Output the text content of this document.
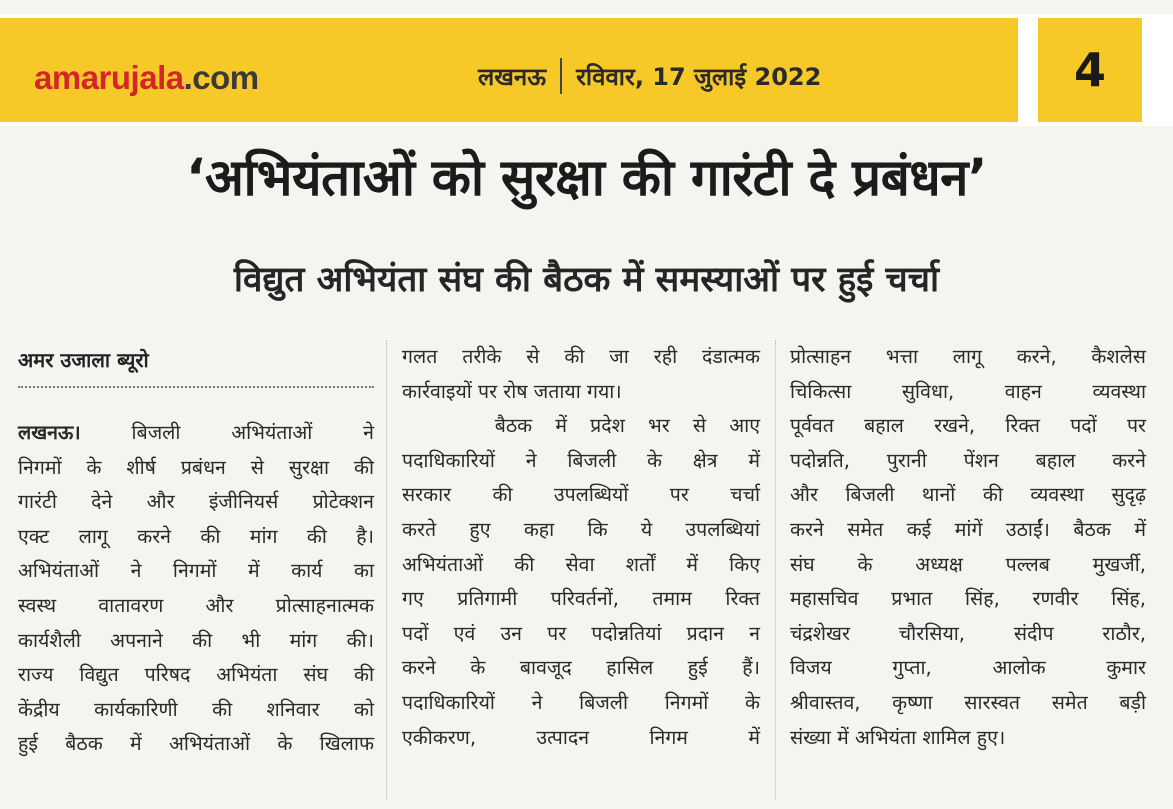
amarujala.com	लखनऊ रविवार, 17 जुलाई 2022	4
‘अभियंताओं को सुरक्षा की गारंटी दे प्रबंधन’
विद्युत अभियंता संघ की बैठक में समस्याओं पर हुई चर्चा
अमर उजाला ब्यूरो
लखनऊ। बिजली अभियंताओं ने
निगमों के शीर्ष प्रबंधन से सुरक्षा की
गारंटी देने और इंजीनियर्स प्रोटेक्शन
एक्ट लागू करने की मांग की है।
अभियंताओं ने निगमों में कार्य का
स्वस्थ वातावरण और प्रोत्साहनात्मक
कार्यशैली अपनाने की भी मांग की।
राज्य विद्युत परिषद अभियंता संघ की
केंद्रीय कार्यकारिणी की शनिवार को
हुई बैठक में अभियंताओं के खिलाफ
गलत तरीके से की जा रही दंडात्मक
कार्रवाइयों पर रोष जताया गया।
बैठक में प्रदेश भर से आए
पदाधिकारियों ने बिजली के क्षेत्र में
सरकार की उपलब्धियों पर चर्चा
करते हुए कहा कि ये उपलब्धियां
अभियंताओं की सेवा शर्तों में किए
गए प्रतिगामी परिवर्तनों, तमाम रिक्त
पदों एवं उन पर पदोन्नतियां प्रदान न
करने के बावजूद हासिल हुई हैं।
पदाधिकारियों ने बिजली निगमों के
एकीकरण, उत्पादन निगम में
प्रोत्साहन भत्ता लागू करने, कैशलेस
चिकित्सा सुविधा, वाहन व्यवस्था
पूर्ववत बहाल रखने, रिक्त पदों पर
पदोन्नति, पुरानी पेंशन बहाल करने
और बिजली थानों की व्यवस्था सुदृढ़
करने समेत कई मांगें उठाईं। बैठक में
संघ के अध्यक्ष पल्लब मुखर्जी,
महासचिव प्रभात सिंह, रणवीर सिंह,
चंद्रशेखर चौरसिया, संदीप राठौर,
विजय गुप्ता, आलोक कुमार
श्रीवास्तव, कृष्णा सारस्वत समेत बड़ी
संख्या में अभियंता शामिल हुए।
